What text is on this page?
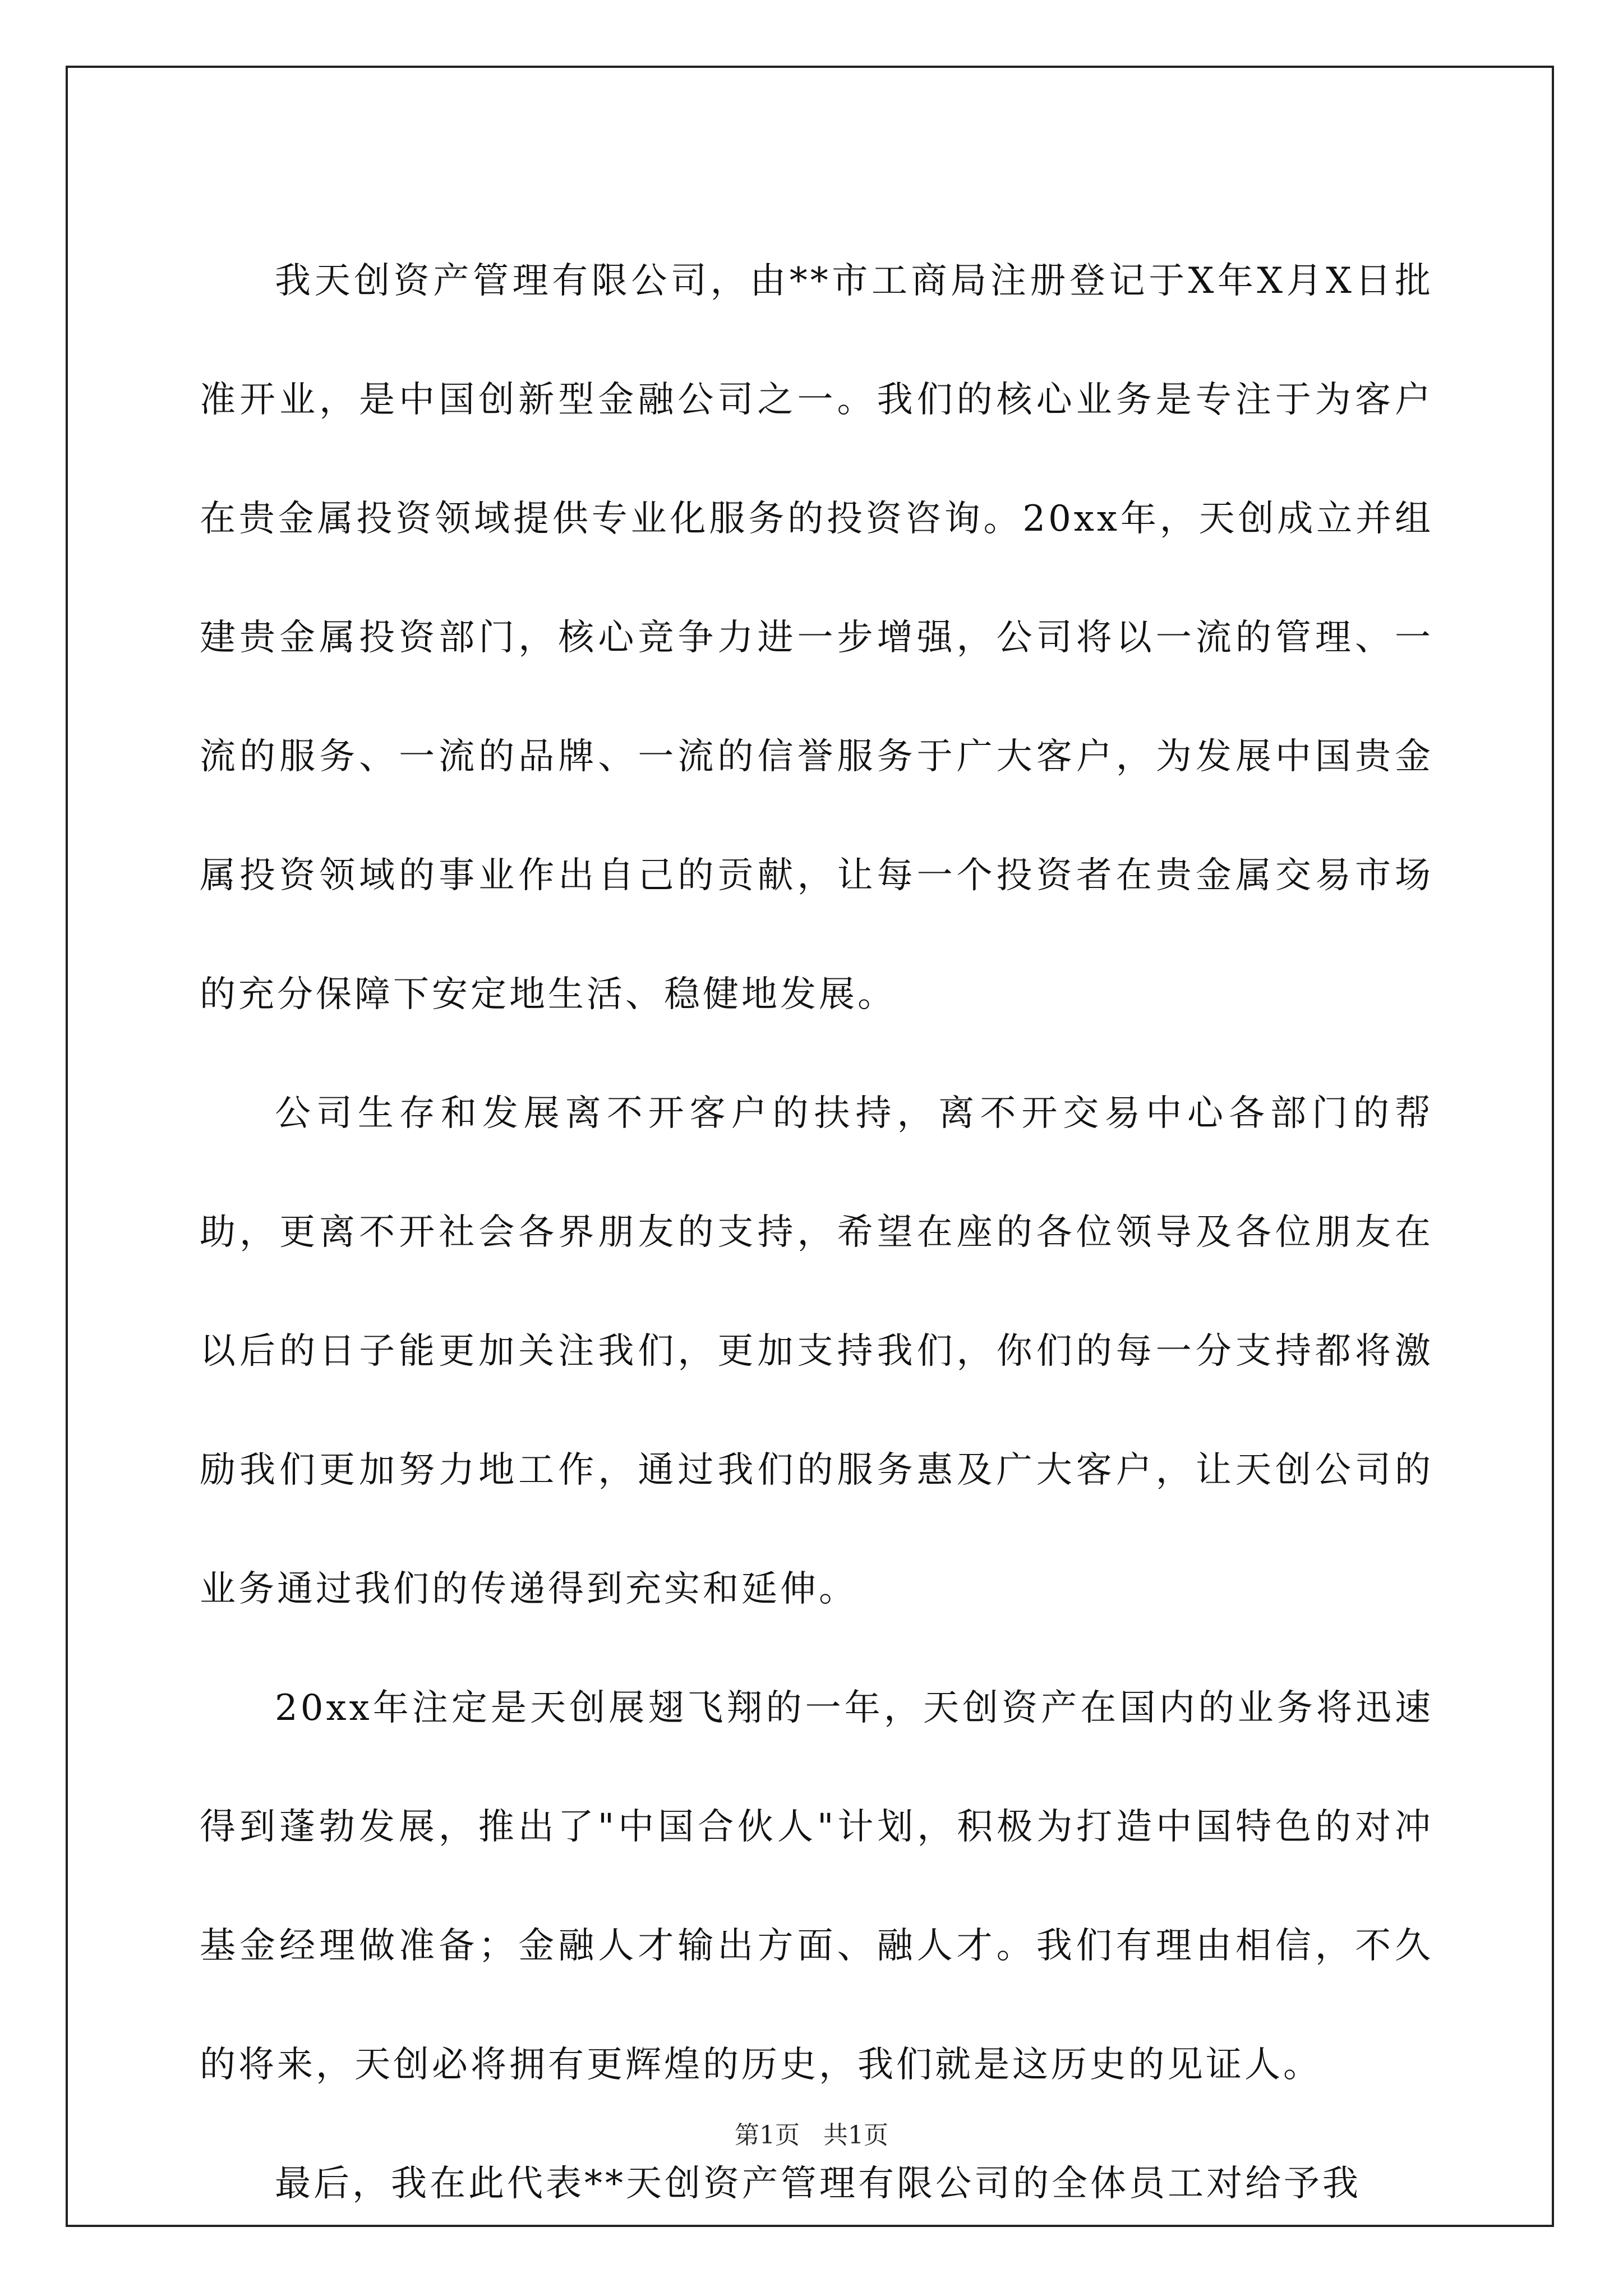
我天创资产管理有限公司，由**市工商局注册登记于X年X月X日批准开业，是中国创新型金融公司之一。我们的核心业务是专注于为客户在贵金属投资领域提供专业化服务的投资咨询。20xx年，天创成立并组建贵金属投资部门，核心竞争力进一步增强，公司将以一流的管理、一流的服务、一流的品牌、一流的信誉服务于广大客户，为发展中国贵金属投资领域的事业作出自己的贡献，让每一个投资者在贵金属交易市场的充分保障下安定地生活、稳健地发展。

公司生存和发展离不开客户的扶持，离不开交易中心各部门的帮助，更离不开社会各界朋友的支持，希望在座的各位领导及各位朋友在以后的日子能更加关注我们，更加支持我们，你们的每一分支持都将激励我们更加努力地工作，通过我们的服务惠及广大客户，让天创公司的业务通过我们的传递得到充实和延伸。

20xx年注定是天创展翅飞翔的一年，天创资产在国内的业务将迅速得到蓬勃发展，推出了"中国合伙人"计划，积极为打造中国特色的对冲基金经理做准备；金融人才输出方面、融人才。我们有理由相信，不久的将来，天创必将拥有更辉煌的历史，我们就是这历史的见证人。

最后，我在此代表**天创资产管理有限公司的全体员工对给予我

第1页 共1页
